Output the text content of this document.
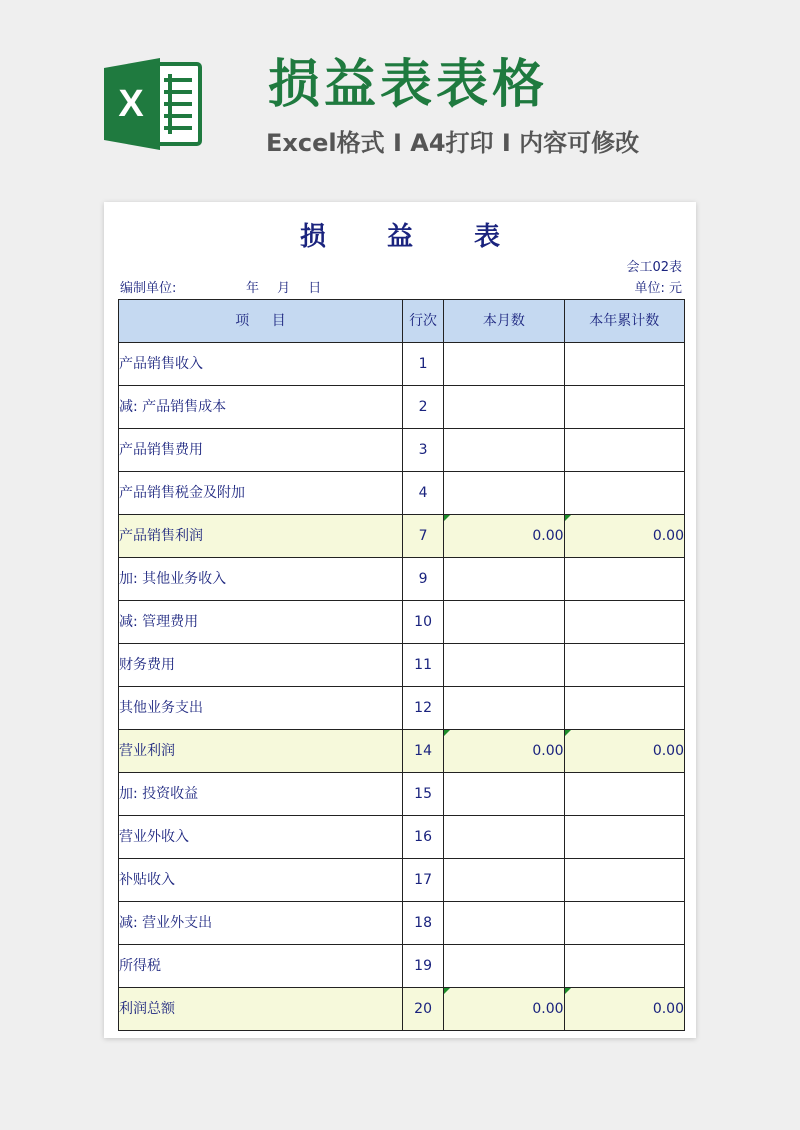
X 损益表表格
Excel格式 I A4打印 I 内容可修改
损 益 表
会工02表
编制单位:	年 月 日	单位: 元
项 目	行次	本月数	本年累计数
产品销售收入	1		
减: 产品销售成本	2		
产品销售费用	3		
产品销售税金及附加	4		
产品销售利润	7	0.00	0.00
加: 其他业务收入	9		
减: 管理费用	10		
财务费用	11		
其他业务支出	12		
营业利润	14	0.00	0.00
加: 投资收益	15		
营业外收入	16		
补贴收入	17		
减: 营业外支出	18		
所得税	19		
利润总额	20	0.00	0.00
